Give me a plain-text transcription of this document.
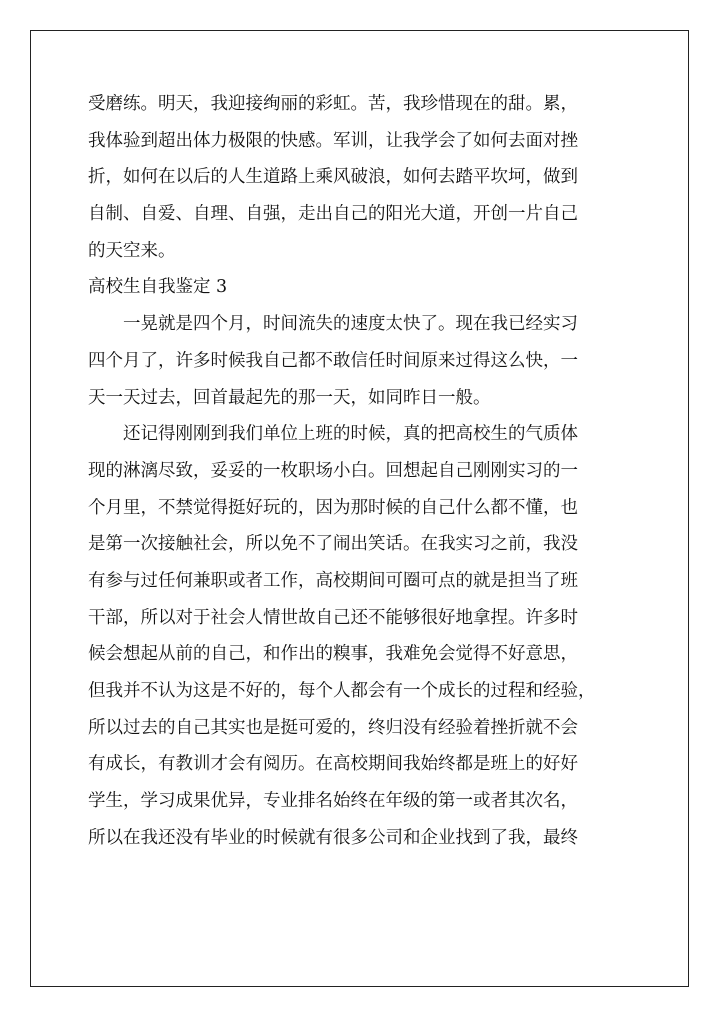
受磨练。明天，我迎接绚丽的彩虹。苦，我珍惜现在的甜。累，
我体验到超出体力极限的快感。军训，让我学会了如何去面对挫
折，如何在以后的人生道路上乘风破浪，如何去踏平坎坷，做到
自制、自爱、自理、自强，走出自己的阳光大道，开创一片自己
的天空来。
高校生自我鉴定 3
一晃就是四个月，时间流失的速度太快了。现在我已经实习
四个月了，许多时候我自己都不敢信任时间原来过得这么快，一
天一天过去，回首最起先的那一天，如同昨日一般。
还记得刚刚到我们单位上班的时候，真的把高校生的气质体
现的淋漓尽致，妥妥的一枚职场小白。回想起自己刚刚实习的一
个月里，不禁觉得挺好玩的，因为那时候的自己什么都不懂，也
是第一次接触社会，所以免不了闹出笑话。在我实习之前，我没
有参与过任何兼职或者工作，高校期间可圈可点的就是担当了班
干部，所以对于社会人情世故自己还不能够很好地拿捏。许多时
候会想起从前的自己，和作出的糗事，我难免会觉得不好意思，
但我并不认为这是不好的，每个人都会有一个成长的过程和经验，
所以过去的自己其实也是挺可爱的，终归没有经验着挫折就不会
有成长，有教训才会有阅历。在高校期间我始终都是班上的好好
学生，学习成果优异，专业排名始终在年级的第一或者其次名，
所以在我还没有毕业的时候就有很多公司和企业找到了我，最终
